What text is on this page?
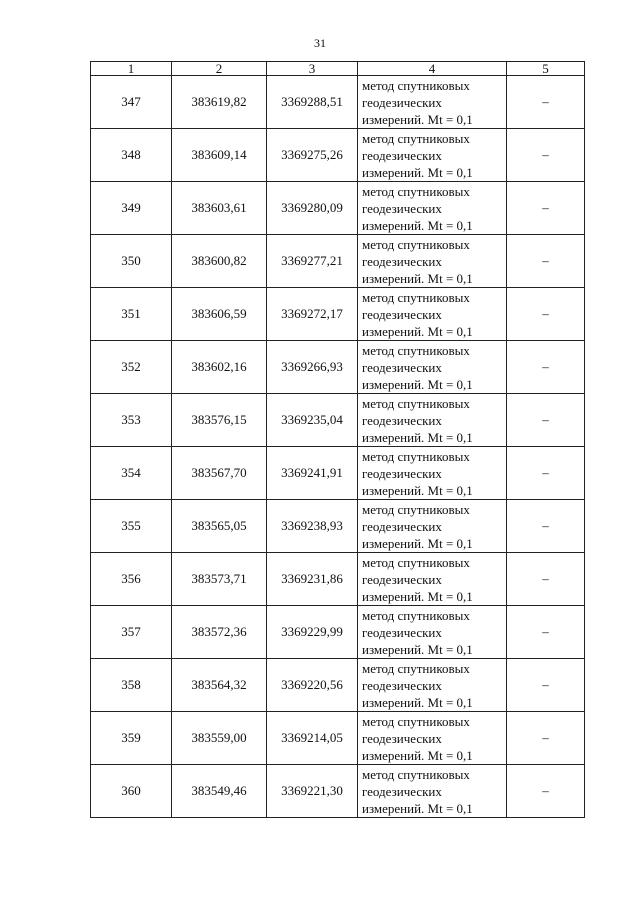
31
1	2	3	4	5
347	383619,82	3369288,51	метод спутниковых
геодезических
измерений. Mt = 0,1	–
348	383609,14	3369275,26	метод спутниковых
геодезических
измерений. Mt = 0,1	–
349	383603,61	3369280,09	метод спутниковых
геодезических
измерений. Mt = 0,1	–
350	383600,82	3369277,21	метод спутниковых
геодезических
измерений. Mt = 0,1	–
351	383606,59	3369272,17	метод спутниковых
геодезических
измерений. Mt = 0,1	–
352	383602,16	3369266,93	метод спутниковых
геодезических
измерений. Mt = 0,1	–
353	383576,15	3369235,04	метод спутниковых
геодезических
измерений. Mt = 0,1	–
354	383567,70	3369241,91	метод спутниковых
геодезических
измерений. Mt = 0,1	–
355	383565,05	3369238,93	метод спутниковых
геодезических
измерений. Mt = 0,1	–
356	383573,71	3369231,86	метод спутниковых
геодезических
измерений. Mt = 0,1	–
357	383572,36	3369229,99	метод спутниковых
геодезических
измерений. Mt = 0,1	–
358	383564,32	3369220,56	метод спутниковых
геодезических
измерений. Mt = 0,1	–
359	383559,00	3369214,05	метод спутниковых
геодезических
измерений. Mt = 0,1	–
360	383549,46	3369221,30	метод спутниковых
геодезических
измерений. Mt = 0,1	–
